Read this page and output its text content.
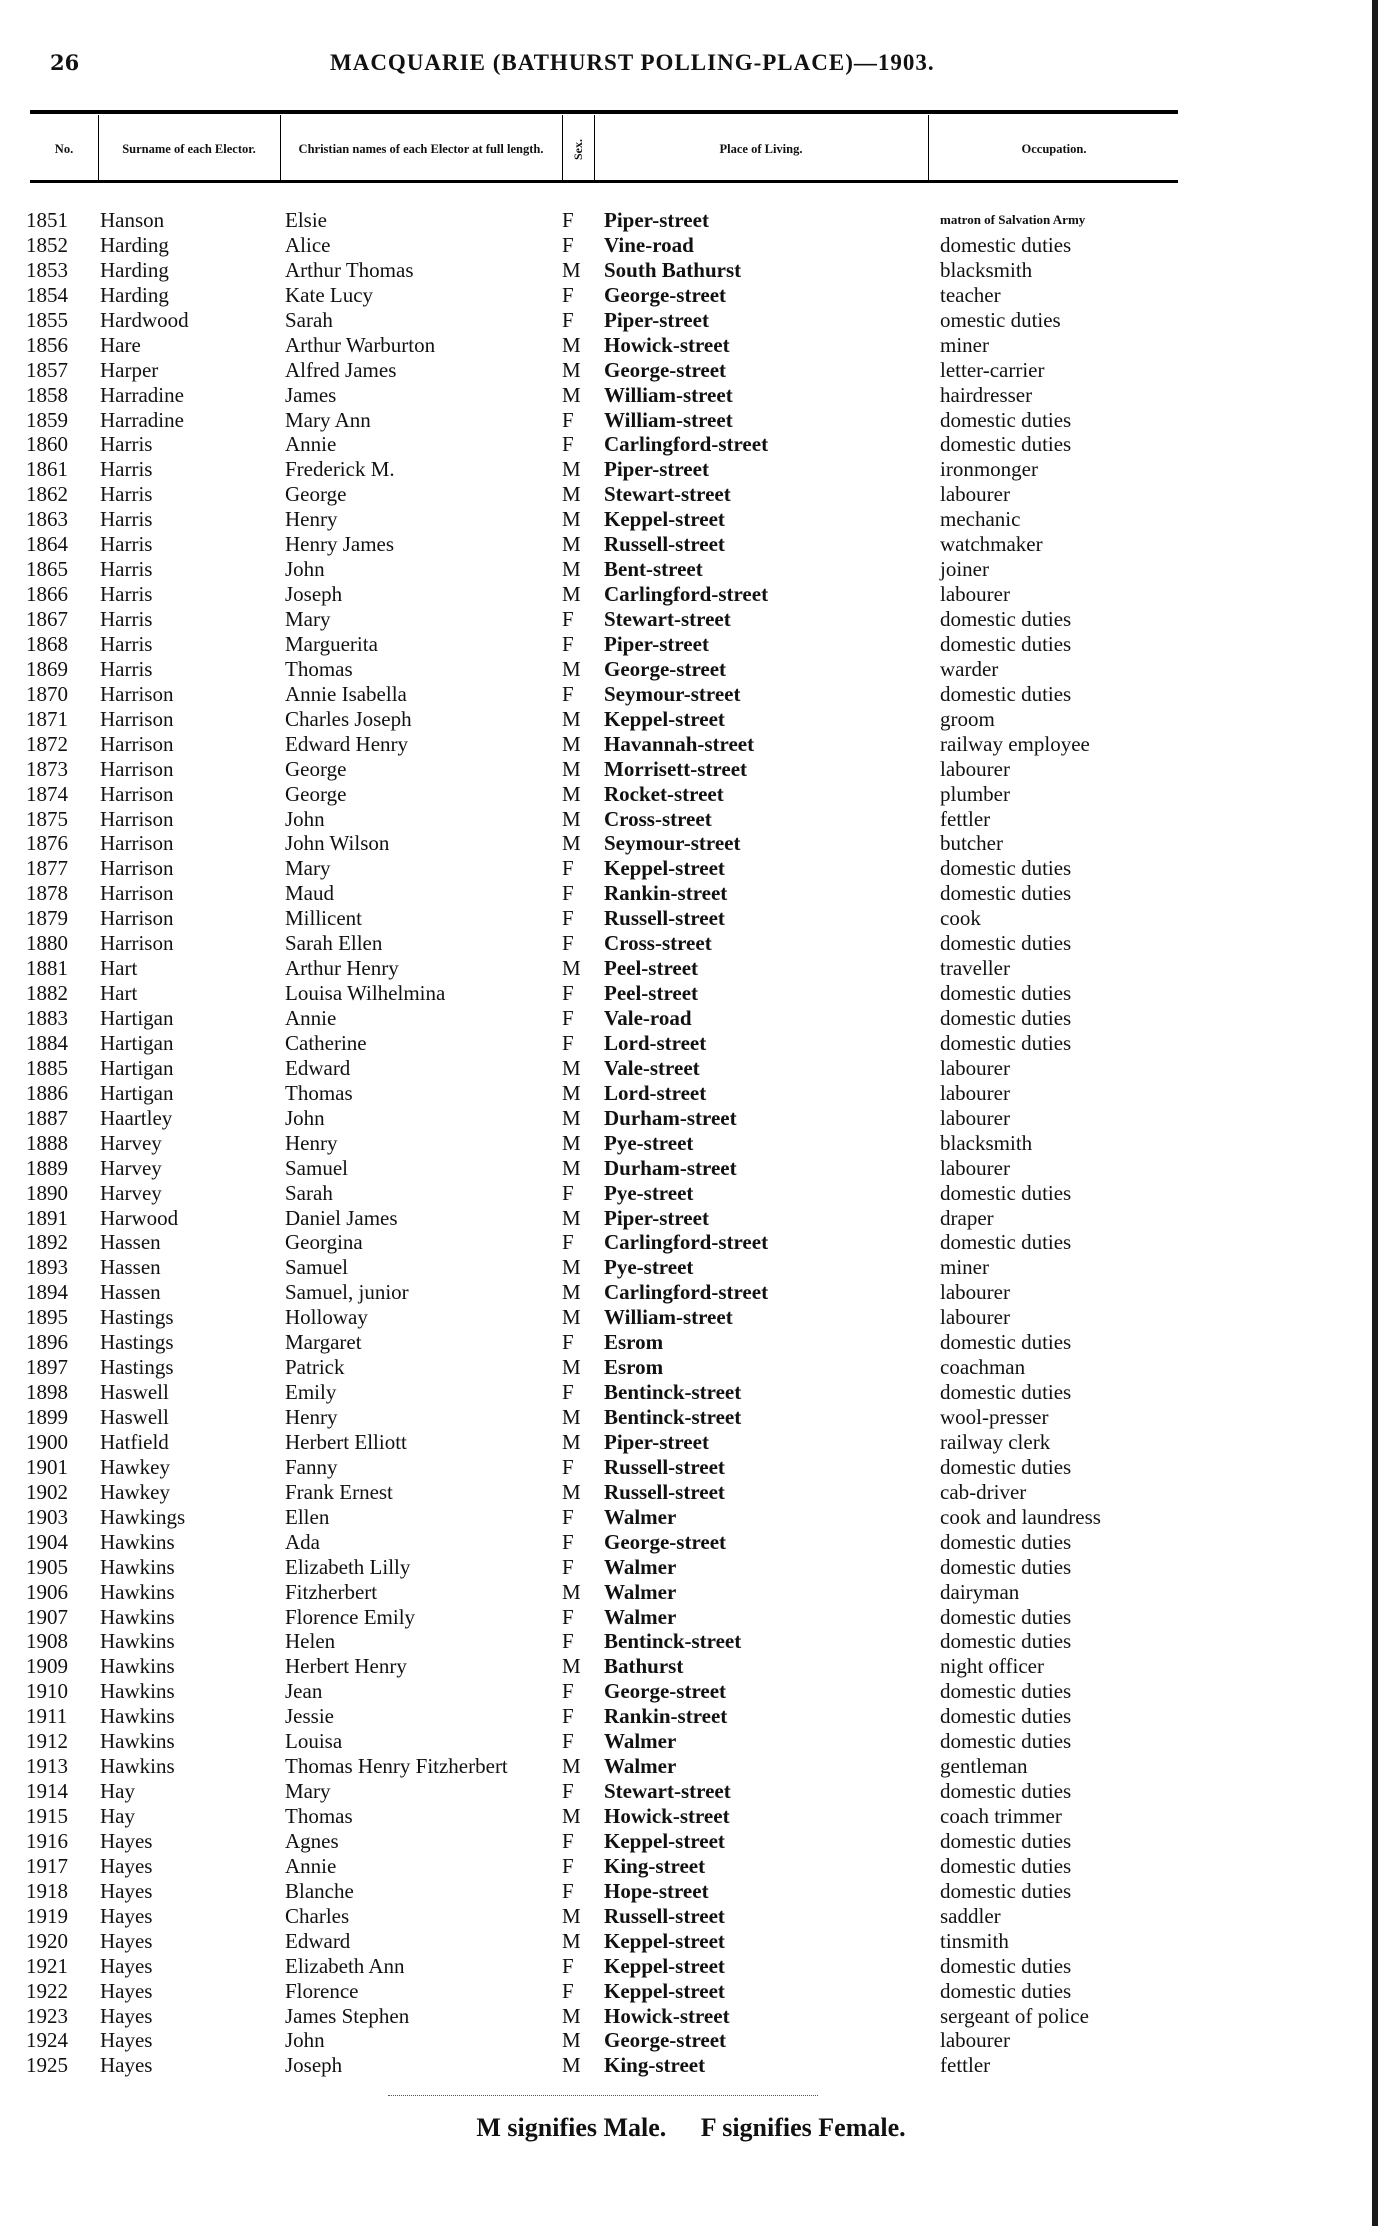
26	MACQUARIE (BATHURST POLLING-PLACE)—1903.
No.	Surname of each Elector.	Christian names of each Elector at full length.	Sex.	Place of Living.	Occupation.
1851	Hanson	Elsie	F	Piper-street	matron of Salvation Army
1852	Harding	Alice	F	Vine-road	domestic duties
1853	Harding	Arthur Thomas	M	South Bathurst	blacksmith
1854	Harding	Kate Lucy	F	George-street	teacher
1855	Hardwood	Sarah	F	Piper-street	omestic duties
1856	Hare	Arthur Warburton	M	Howick-street	miner
1857	Harper	Alfred James	M	George-street	letter-carrier
1858	Harradine	James	M	William-street	hairdresser
1859	Harradine	Mary Ann	F	William-street	domestic duties
1860	Harris	Annie	F	Carlingford-street	domestic duties
1861	Harris	Frederick M.	M	Piper-street	ironmonger
1862	Harris	George	M	Stewart-street	labourer
1863	Harris	Henry	M	Keppel-street	mechanic
1864	Harris	Henry James	M	Russell-street	watchmaker
1865	Harris	John	M	Bent-street	joiner
1866	Harris	Joseph	M	Carlingford-street	labourer
1867	Harris	Mary	F	Stewart-street	domestic duties
1868	Harris	Marguerita	F	Piper-street	domestic duties
1869	Harris	Thomas	M	George-street	warder
1870	Harrison	Annie Isabella	F	Seymour-street	domestic duties
1871	Harrison	Charles Joseph	M	Keppel-street	groom
1872	Harrison	Edward Henry	M	Havannah-street	railway employee
1873	Harrison	George	M	Morrisett-street	labourer
1874	Harrison	George	M	Rocket-street	plumber
1875	Harrison	John	M	Cross-street	fettler
1876	Harrison	John Wilson	M	Seymour-street	butcher
1877	Harrison	Mary	F	Keppel-street	domestic duties
1878	Harrison	Maud	F	Rankin-street	domestic duties
1879	Harrison	Millicent	F	Russell-street	cook
1880	Harrison	Sarah Ellen	F	Cross-street	domestic duties
1881	Hart	Arthur Henry	M	Peel-street	traveller
1882	Hart	Louisa Wilhelmina	F	Peel-street	domestic duties
1883	Hartigan	Annie	F	Vale-road	domestic duties
1884	Hartigan	Catherine	F	Lord-street	domestic duties
1885	Hartigan	Edward	M	Vale-street	labourer
1886	Hartigan	Thomas	M	Lord-street	labourer
1887	Haartley	John	M	Durham-street	labourer
1888	Harvey	Henry	M	Pye-street	blacksmith
1889	Harvey	Samuel	M	Durham-street	labourer
1890	Harvey	Sarah	F	Pye-street	domestic duties
1891	Harwood	Daniel James	M	Piper-street	draper
1892	Hassen	Georgina	F	Carlingford-street	domestic duties
1893	Hassen	Samuel	M	Pye-street	miner
1894	Hassen	Samuel, junior	M	Carlingford-street	labourer
1895	Hastings	Holloway	M	William-street	labourer
1896	Hastings	Margaret	F	Esrom	domestic duties
1897	Hastings	Patrick	M	Esrom	coachman
1898	Haswell	Emily	F	Bentinck-street	domestic duties
1899	Haswell	Henry	M	Bentinck-street	wool-presser
1900	Hatfield	Herbert Elliott	M	Piper-street	railway clerk
1901	Hawkey	Fanny	F	Russell-street	domestic duties
1902	Hawkey	Frank Ernest	M	Russell-street	cab-driver
1903	Hawkings	Ellen	F	Walmer	cook and laundress
1904	Hawkins	Ada	F	George-street	domestic duties
1905	Hawkins	Elizabeth Lilly	F	Walmer	domestic duties
1906	Hawkins	Fitzherbert	M	Walmer	dairyman
1907	Hawkins	Florence Emily	F	Walmer	domestic duties
1908	Hawkins	Helen	F	Bentinck-street	domestic duties
1909	Hawkins	Herbert Henry	M	Bathurst	night officer
1910	Hawkins	Jean	F	George-street	domestic duties
1911	Hawkins	Jessie	F	Rankin-street	domestic duties
1912	Hawkins	Louisa	F	Walmer	domestic duties
1913	Hawkins	Thomas Henry Fitzherbert	M	Walmer	gentleman
1914	Hay	Mary	F	Stewart-street	domestic duties
1915	Hay	Thomas	M	Howick-street	coach trimmer
1916	Hayes	Agnes	F	Keppel-street	domestic duties
1917	Hayes	Annie	F	King-street	domestic duties
1918	Hayes	Blanche	F	Hope-street	domestic duties
1919	Hayes	Charles	M	Russell-street	saddler
1920	Hayes	Edward	M	Keppel-street	tinsmith
1921	Hayes	Elizabeth Ann	F	Keppel-street	domestic duties
1922	Hayes	Florence	F	Keppel-street	domestic duties
1923	Hayes	James Stephen	M	Howick-street	sergeant of police
1924	Hayes	John	M	George-street	labourer
1925	Hayes	Joseph	M	King-street	fettler
M signifies Male. F signifies Female.
